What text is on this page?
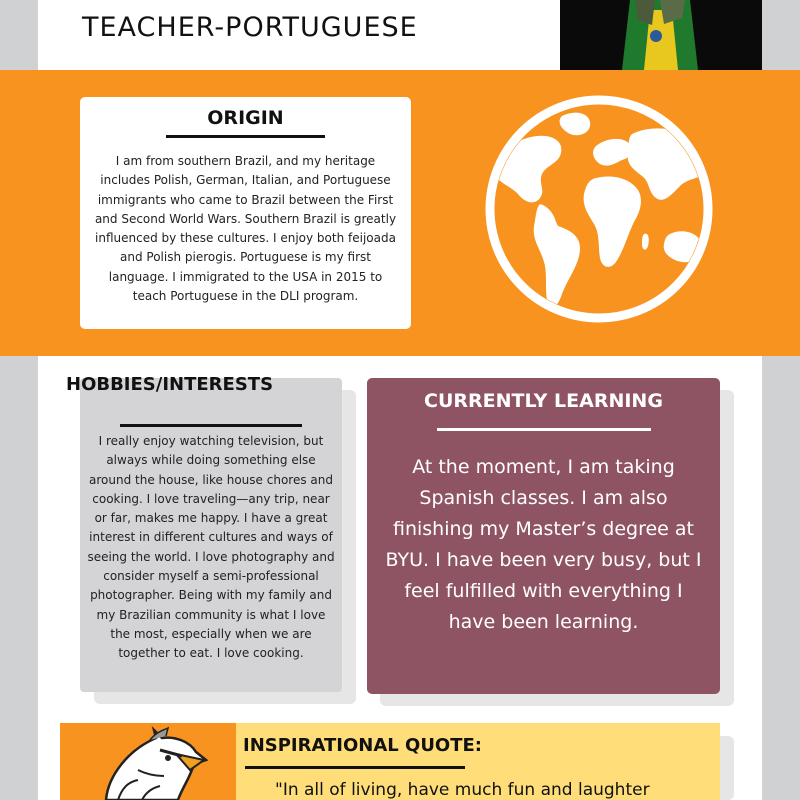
TEACHER-PORTUGUESE
ORIGIN

I am from southern Brazil, and my heritage includes Polish, German, Italian, and Portuguese immigrants who came to Brazil between the First and Second World Wars. Southern Brazil is greatly influenced by these cultures. I enjoy both feijoada and Polish pierogis. Portuguese is my first language. I immigrated to the USA in 2015 to teach Portuguese in the DLI program.

HOBBIES/INTERESTS

I really enjoy watching television, but always while doing something else around the house, like house chores and cooking. I love traveling—any trip, near or far, makes me happy. I have a great interest in different cultures and ways of seeing the world. I love photography and consider myself a semi-professional photographer. Being with my family and my Brazilian community is what I love the most, especially when we are together to eat. I love cooking.

CURRENTLY LEARNING

At the moment, I am taking Spanish classes. I am also finishing my Master’s degree at BYU. I have been very busy, but I feel fulfilled with everything I have been learning.

INSPIRATIONAL QUOTE:

"In all of living, have much fun and laughter
